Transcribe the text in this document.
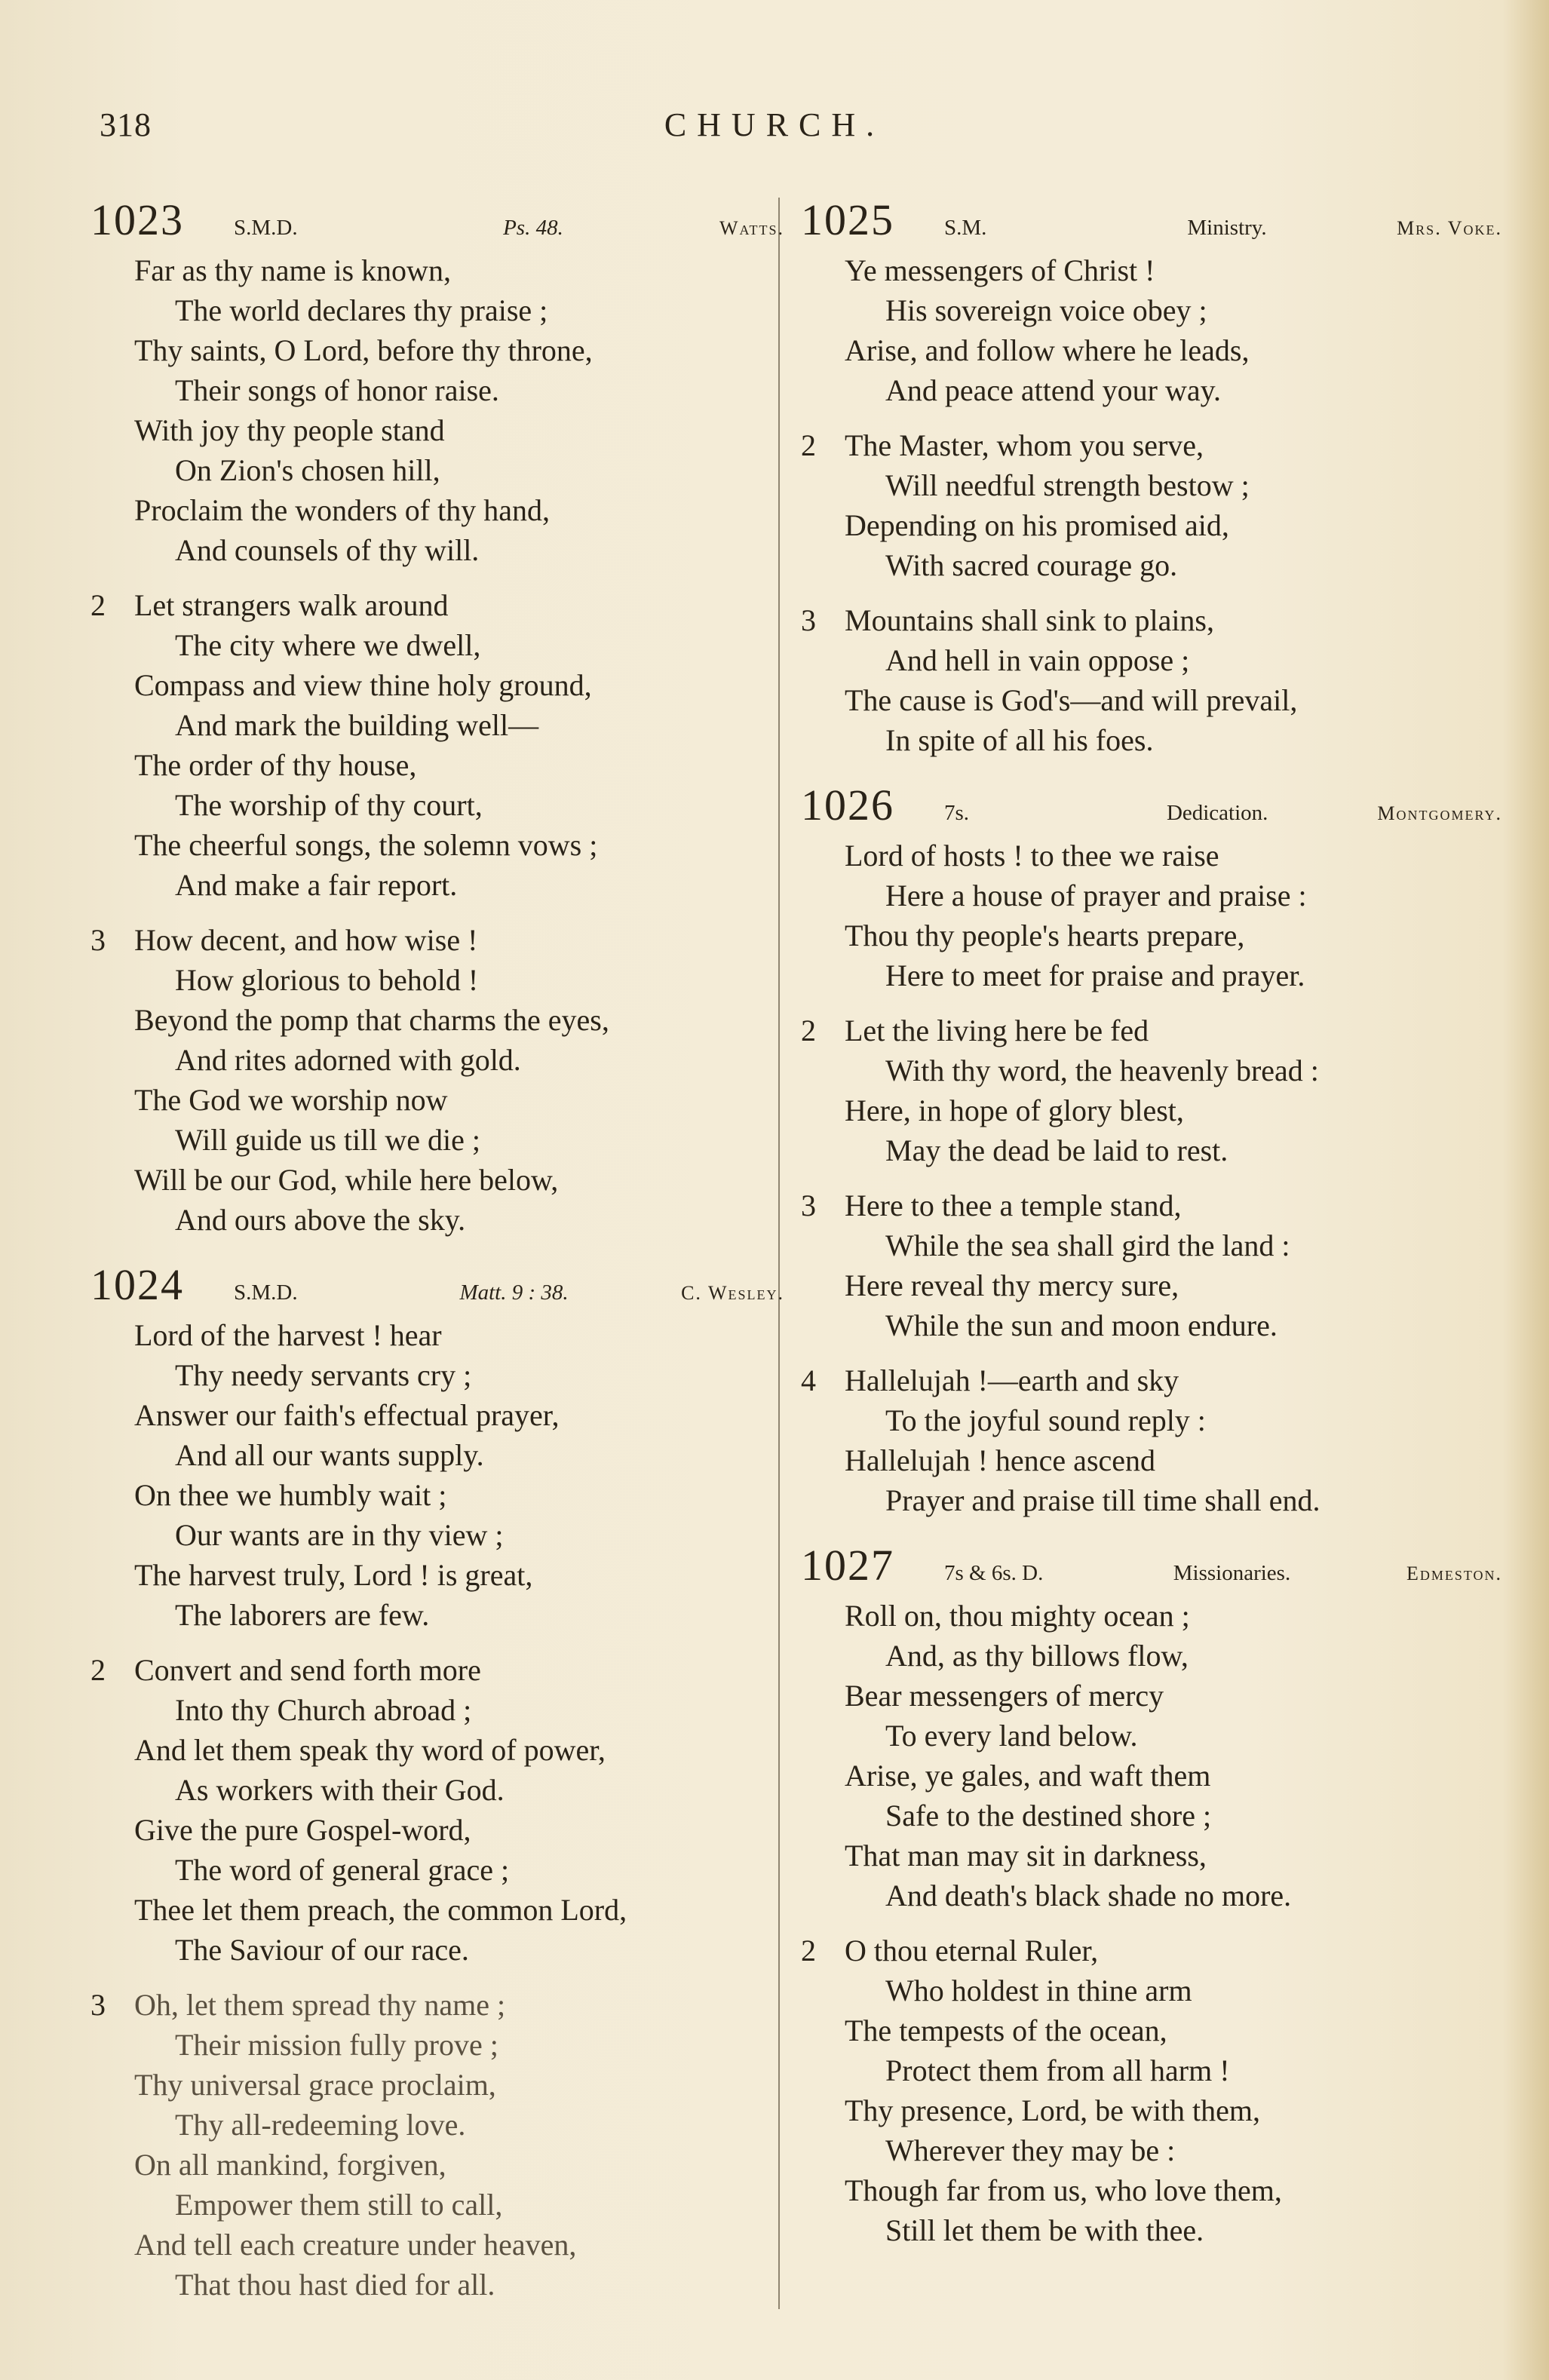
318	CHURCH.
1023	S.M.D.	Ps. 48.	Watts.
Far as thy name is known,
The world declares thy praise ;
Thy saints, O Lord, before thy throne,
Their songs of honor raise.
With joy thy people stand
On Zion's chosen hill,
Proclaim the wonders of thy hand,
And counsels of thy will.
2 Let strangers walk around
The city where we dwell,
Compass and view thine holy ground,
And mark the building well—
The order of thy house,
The worship of thy court,
The cheerful songs, the solemn vows ;
And make a fair report.
3 How decent, and how wise !
How glorious to behold !
Beyond the pomp that charms the eyes,
And rites adorned with gold.
The God we worship now
Will guide us till we die ;
Will be our God, while here below,
And ours above the sky.
1024	S.M.D.	Matt. 9 : 38.	C. Wesley.
Lord of the harvest ! hear
Thy needy servants cry ;
Answer our faith's effectual prayer,
And all our wants supply.
On thee we humbly wait ;
Our wants are in thy view ;
The harvest truly, Lord ! is great,
The laborers are few.
2 Convert and send forth more
Into thy Church abroad ;
And let them speak thy word of power,
As workers with their God.
Give the pure Gospel-word,
The word of general grace ;
Thee let them preach, the common Lord,
The Saviour of our race.
3 Oh, let them spread thy name ;
Their mission fully prove ;
Thy universal grace proclaim,
Thy all-redeeming love.
On all mankind, forgiven,
Empower them still to call,
And tell each creature under heaven,
That thou hast died for all.
1025	S.M.	Ministry.	Mrs. Voke.
Ye messengers of Christ !
His sovereign voice obey ;
Arise, and follow where he leads,
And peace attend your way.
2 The Master, whom you serve,
Will needful strength bestow ;
Depending on his promised aid,
With sacred courage go.
3 Mountains shall sink to plains,
And hell in vain oppose ;
The cause is God's—and will prevail,
In spite of all his foes.
1026	7s.	Dedication.	Montgomery.
Lord of hosts ! to thee we raise
Here a house of prayer and praise :
Thou thy people's hearts prepare,
Here to meet for praise and prayer.
2 Let the living here be fed
With thy word, the heavenly bread :
Here, in hope of glory blest,
May the dead be laid to rest.
3 Here to thee a temple stand,
While the sea shall gird the land :
Here reveal thy mercy sure,
While the sun and moon endure.
4 Hallelujah !—earth and sky
To the joyful sound reply :
Hallelujah ! hence ascend
Prayer and praise till time shall end.
1027	7s & 6s. D.	Missionaries.	Edmeston.
Roll on, thou mighty ocean ;
And, as thy billows flow,
Bear messengers of mercy
To every land below.
Arise, ye gales, and waft them
Safe to the destined shore ;
That man may sit in darkness,
And death's black shade no more.
2 O thou eternal Ruler,
Who holdest in thine arm
The tempests of the ocean,
Protect them from all harm !
Thy presence, Lord, be with them,
Wherever they may be :
Though far from us, who love them,
Still let them be with thee.
